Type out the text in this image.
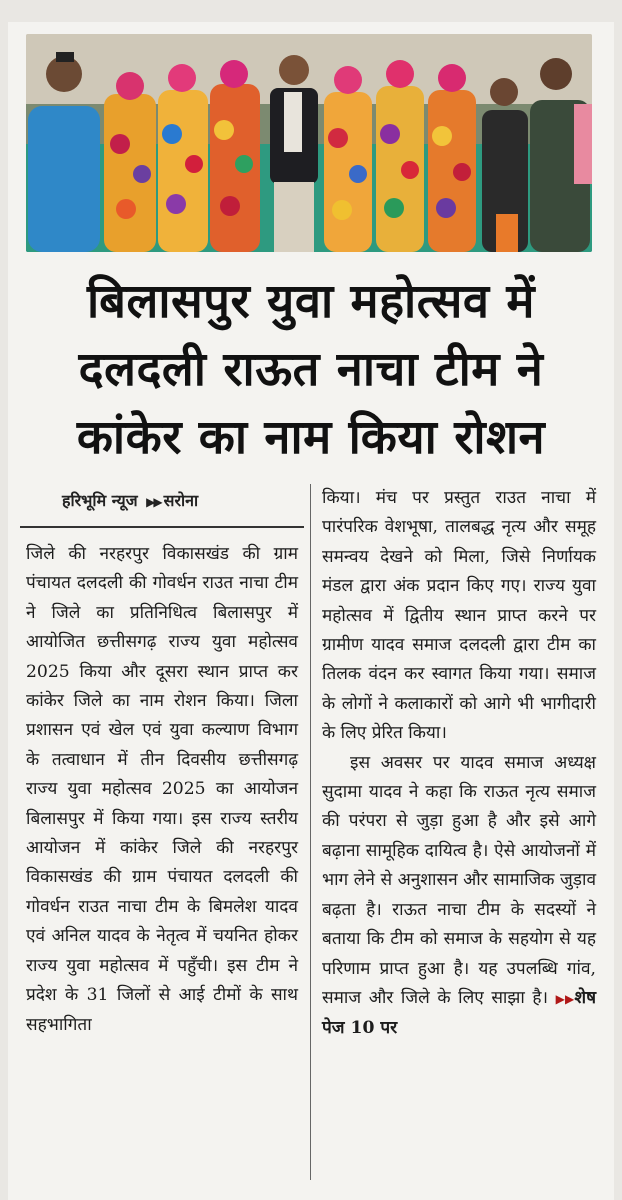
बिलासपुर युवा महोत्सव में
दलदली राऊत नाचा टीम ने
कांकेर का नाम किया रोशन
हरिभूमि न्यूज ▶▶ सरोना

जिले की नरहरपुर विकासखंड की ग्राम पंचायत दलदली की गोवर्धन राउत नाचा टीम ने जिले का प्रतिनिधित्व बिलासपुर में आयोजित छत्तीसगढ़ राज्य युवा महोत्सव 2025 किया और दूसरा स्थान प्राप्त कर कांकेर जिले का नाम रोशन किया। जिला प्रशासन एवं खेल एवं युवा कल्याण विभाग के तत्वाधान में तीन दिवसीय छत्तीसगढ़ राज्य युवा महोत्सव 2025 का आयोजन बिलासपुर में किया गया। इस राज्य स्तरीय आयोजन में कांकेर जिले की नरहरपुर विकासखंड की ग्राम पंचायत दलदली की गोवर्धन राउत नाचा टीम के बिमलेश यादव एवं अनिल यादव के नेतृत्व में चयनित होकर राज्य युवा महोत्सव में पहुँची। इस टीम ने प्रदेश के 31 जिलों से आई टीमों के साथ सहभागिता

किया। मंच पर प्रस्तुत राउत नाचा में पारंपरिक वेशभूषा, तालबद्ध नृत्य और समूह समन्वय देखने को मिला, जिसे निर्णायक मंडल द्वारा अंक प्रदान किए गए। राज्य युवा महोत्सव में द्वितीय स्थान प्राप्त करने पर ग्रामीण यादव समाज दलदली द्वारा टीम का तिलक वंदन कर स्वागत किया गया। समाज के लोगों ने कलाकारों को आगे भी भागीदारी के लिए प्रेरित किया।

इस अवसर पर यादव समाज अध्यक्ष सुदामा यादव ने कहा कि राऊत नृत्य समाज की परंपरा से जुड़ा हुआ है और इसे आगे बढ़ाना सामूहिक दायित्व है। ऐसे आयोजनों में भाग लेने से अनुशासन और सामाजिक जुड़ाव बढ़ता है। राऊत नाचा टीम के सदस्यों ने बताया कि टीम को समाज के सहयोग से यह परिणाम प्राप्त हुआ है। यह उपलब्धि गांव, समाज और जिले के लिए साझा है। ▶▶शेष पेज 10 पर
